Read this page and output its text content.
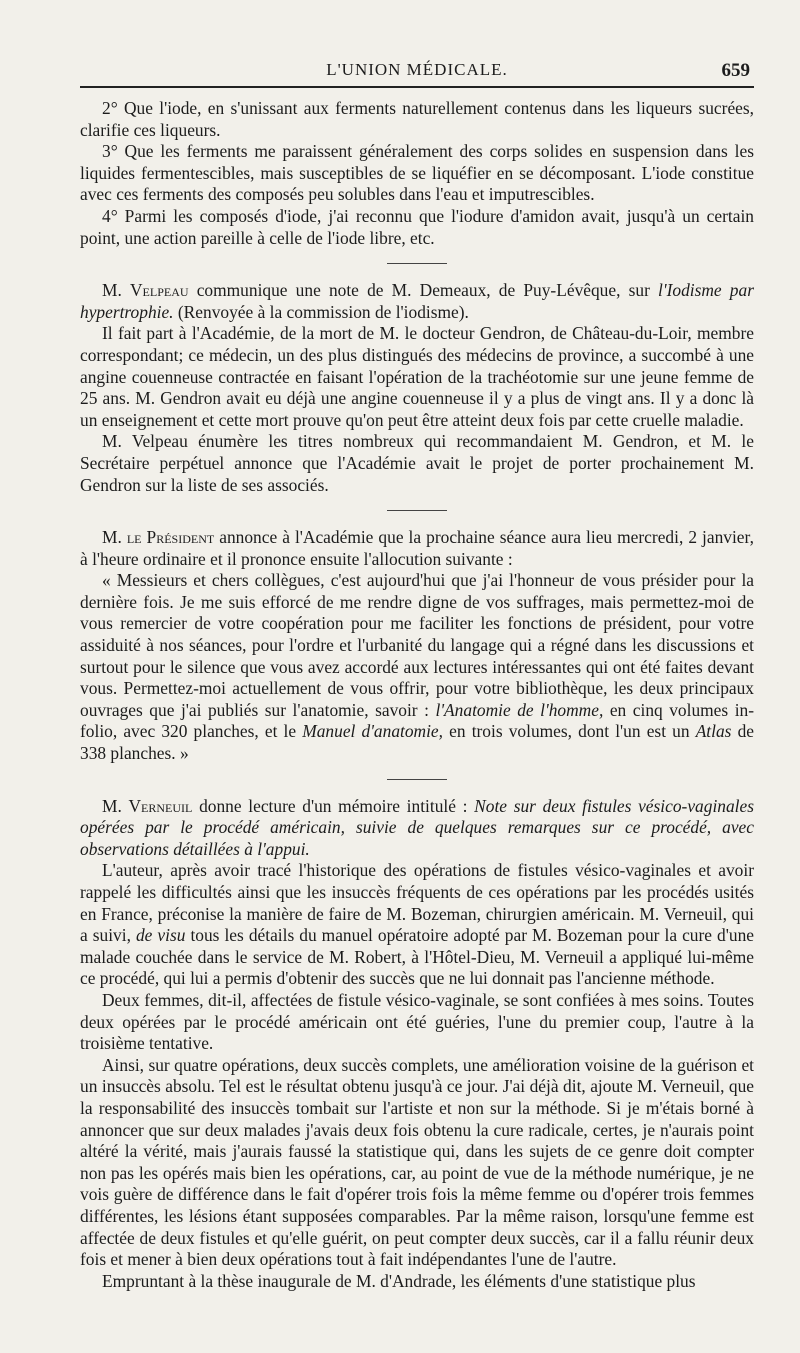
L'UNION MÉDICALE.	659

2° Que l'iode, en s'unissant aux ferments naturellement contenus dans les liqueurs sucrées, clarifie ces liqueurs.

3° Que les ferments me paraissent généralement des corps solides en suspension dans les liquides fermentescibles, mais susceptibles de se liquéfier en se décomposant. L'iode constitue avec ces ferments des composés peu solubles dans l'eau et imputrescibles.

4° Parmi les composés d'iode, j'ai reconnu que l'iodure d'amidon avait, jusqu'à un certain point, une action pareille à celle de l'iode libre, etc.

M. Velpeau communique une note de M. Demeaux, de Puy-Lévêque, sur l'Iodisme par hypertrophie. (Renvoyée à la commission de l'iodisme).

Il fait part à l'Académie, de la mort de M. le docteur Gendron, de Château-du-Loir, membre correspondant; ce médecin, un des plus distingués des médecins de province, a succombé à une angine couenneuse contractée en faisant l'opération de la trachéotomie sur une jeune femme de 25 ans. M. Gendron avait eu déjà une angine couenneuse il y a plus de vingt ans. Il y a donc là un enseignement et cette mort prouve qu'on peut être atteint deux fois par cette cruelle maladie.

M. Velpeau énumère les titres nombreux qui recommandaient M. Gendron, et M. le Secrétaire perpétuel annonce que l'Académie avait le projet de porter prochainement M. Gendron sur la liste de ses associés.

M. le Président annonce à l'Académie que la prochaine séance aura lieu mercredi, 2 janvier, à l'heure ordinaire et il prononce ensuite l'allocution suivante :

« Messieurs et chers collègues, c'est aujourd'hui que j'ai l'honneur de vous présider pour la dernière fois. Je me suis efforcé de me rendre digne de vos suffrages, mais permettez-moi de vous remercier de votre coopération pour me faciliter les fonctions de président, pour votre assiduité à nos séances, pour l'ordre et l'urbanité du langage qui a régné dans les discussions et surtout pour le silence que vous avez accordé aux lectures intéressantes qui ont été faites devant vous. Permettez-moi actuellement de vous offrir, pour votre bibliothèque, les deux principaux ouvrages que j'ai publiés sur l'anatomie, savoir : l'Anatomie de l'homme, en cinq volumes in-folio, avec 320 planches, et le Manuel d'anatomie, en trois volumes, dont l'un est un Atlas de 338 planches. »

M. Verneuil donne lecture d'un mémoire intitulé : Note sur deux fistules vésico-vaginales opérées par le procédé américain, suivie de quelques remarques sur ce procédé, avec observations détaillées à l'appui.

L'auteur, après avoir tracé l'historique des opérations de fistules vésico-vaginales et avoir rappelé les difficultés ainsi que les insuccès fréquents de ces opérations par les procédés usités en France, préconise la manière de faire de M. Bozeman, chirurgien américain. M. Verneuil, qui a suivi, de visu tous les détails du manuel opératoire adopté par M. Bozeman pour la cure d'une malade couchée dans le service de M. Robert, à l'Hôtel-Dieu, M. Verneuil a appliqué lui-même ce procédé, qui lui a permis d'obtenir des succès que ne lui donnait pas l'ancienne méthode.

Deux femmes, dit-il, affectées de fistule vésico-vaginale, se sont confiées à mes soins. Toutes deux opérées par le procédé américain ont été guéries, l'une du premier coup, l'autre à la troisième tentative.

Ainsi, sur quatre opérations, deux succès complets, une amélioration voisine de la guérison et un insuccès absolu. Tel est le résultat obtenu jusqu'à ce jour. J'ai déjà dit, ajoute M. Verneuil, que la responsabilité des insuccès tombait sur l'artiste et non sur la méthode. Si je m'étais borné à annoncer que sur deux malades j'avais deux fois obtenu la cure radicale, certes, je n'aurais point altéré la vérité, mais j'aurais faussé la statistique qui, dans les sujets de ce genre doit compter non pas les opérés mais bien les opérations, car, au point de vue de la méthode numérique, je ne vois guère de différence dans le fait d'opérer trois fois la même femme ou d'opérer trois femmes différentes, les lésions étant supposées comparables. Par la même raison, lorsqu'une femme est affectée de deux fistules et qu'elle guérit, on peut compter deux succès, car il a fallu réunir deux fois et mener à bien deux opérations tout à fait indépendantes l'une de l'autre.

Empruntant à la thèse inaugurale de M. d'Andrade, les éléments d'une statistique plus
